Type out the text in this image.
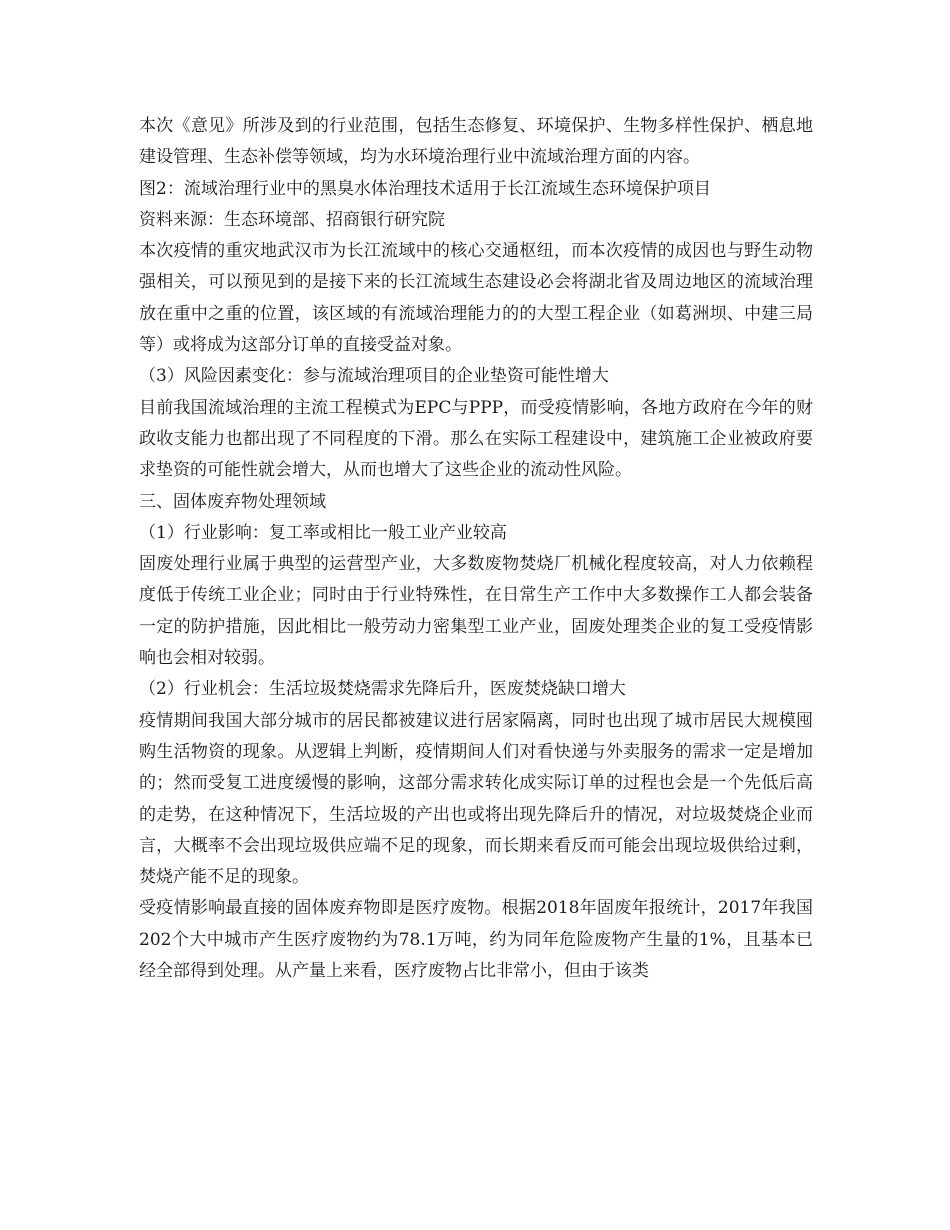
本次《意见》所涉及到的行业范围，包括生态修复、环境保护、生物多样性保护、栖息地建设管理、生态补偿等领域，均为水环境治理行业中流域治理方面的内容。

图2：流域治理行业中的黑臭水体治理技术适用于长江流域生态环境保护项目

资料来源：生态环境部、招商银行研究院

本次疫情的重灾地武汉市为长江流域中的核心交通枢纽，而本次疫情的成因也与野生动物强相关，可以预见到的是接下来的长江流域生态建设必会将湖北省及周边地区的流域治理放在重中之重的位置，该区域的有流域治理能力的的大型工程企业（如葛洲坝、中建三局等）或将成为这部分订单的直接受益对象。

（3）风险因素变化：参与流域治理项目的企业垫资可能性增大

目前我国流域治理的主流工程模式为EPC与PPP，而受疫情影响，各地方政府在今年的财政收支能力也都出现了不同程度的下滑。那么在实际工程建设中，建筑施工企业被政府要求垫资的可能性就会增大，从而也增大了这些企业的流动性风险。

三、固体废弃物处理领域

（1）行业影响：复工率或相比一般工业产业较高

固废处理行业属于典型的运营型产业，大多数废物焚烧厂机械化程度较高，对人力依赖程度低于传统工业企业；同时由于行业特殊性，在日常生产工作中大多数操作工人都会装备一定的防护措施，因此相比一般劳动力密集型工业产业，固废处理类企业的复工受疫情影响也会相对较弱。

（2）行业机会：生活垃圾焚烧需求先降后升，医废焚烧缺口增大

疫情期间我国大部分城市的居民都被建议进行居家隔离，同时也出现了城市居民大规模囤购生活物资的现象。从逻辑上判断，疫情期间人们对看快递与外卖服务的需求一定是增加的；然而受复工进度缓慢的影响，这部分需求转化成实际订单的过程也会是一个先低后高的走势，在这种情况下，生活垃圾的产出也或将出现先降后升的情况，对垃圾焚烧企业而言，大概率不会出现垃圾供应端不足的现象，而长期来看反而可能会出现垃圾供给过剩，焚烧产能不足的现象。

受疫情影响最直接的固体废弃物即是医疗废物。根据2018年固废年报统计，2017年我国202个大中城市产生医疗废物约为78.1万吨，约为同年危险废物产生量的1%，且基本已经全部得到处理。从产量上来看，医疗废物占比非常小，但由于该类
